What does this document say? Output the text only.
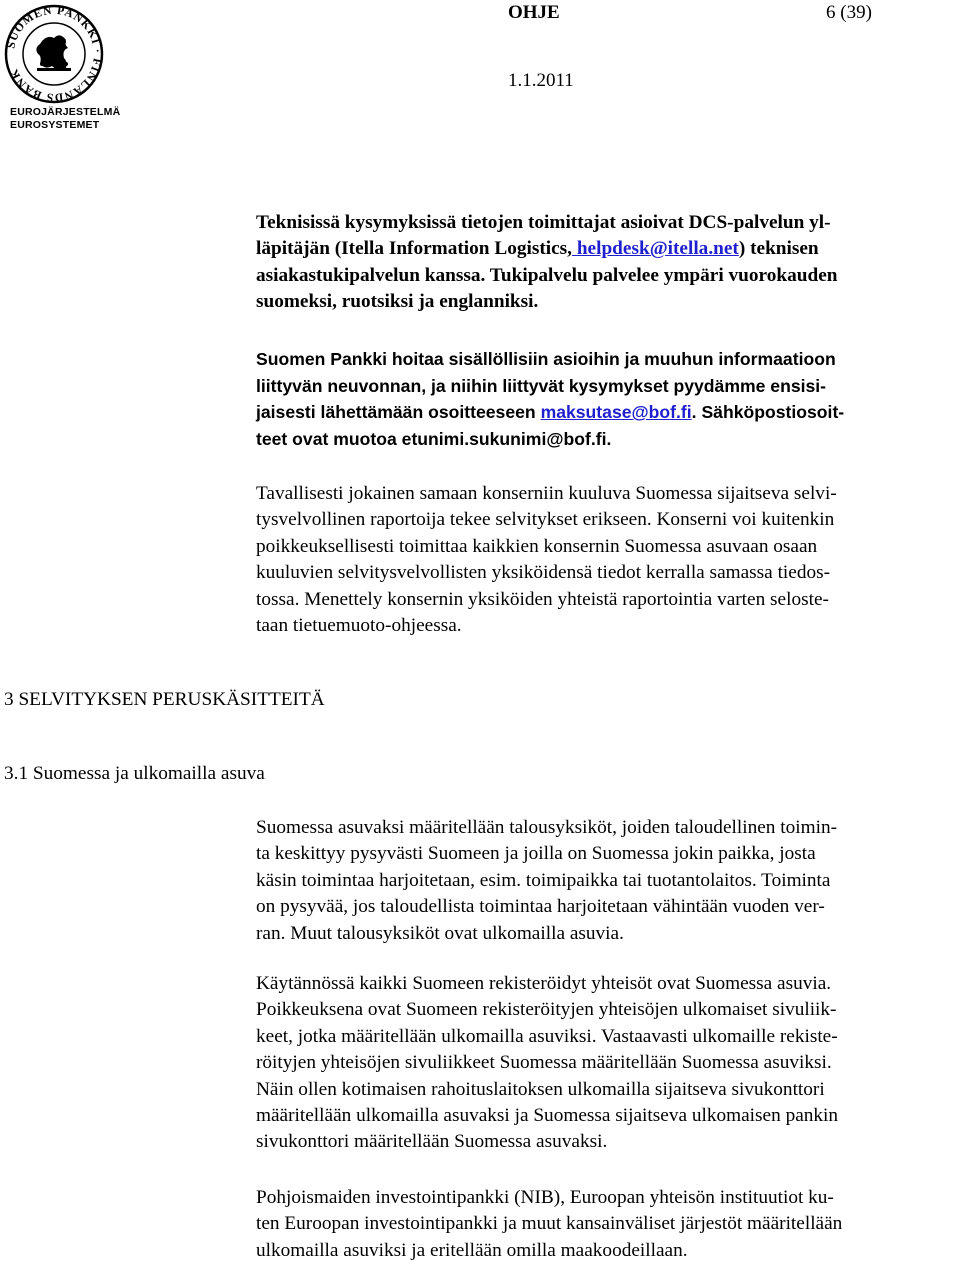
SUOMEN PANKKI · FINLANDS BANK
EUROJÄRJESTELMÄ
EUROSYSTEMET
OHJE	6 (39)
1.1.2011

Teknisissä kysymyksissä tietojen toimittajat asioivat DCS-palvelun yl-
läpitäjän (Itella Information Logistics, helpdesk@itella.net) teknisen
asiakastukipalvelun kanssa. Tukipalvelu palvelee ympäri vuorokauden
suomeksi, ruotsiksi ja englanniksi.

Suomen Pankki hoitaa sisällöllisiin asioihin ja muuhun informaatioon
liittyvän neuvonnan, ja niihin liittyvät kysymykset pyydämme ensisi-
jaisesti lähettämään osoitteeseen maksutase@bof.fi. Sähköpostiosoit-
teet ovat muotoa etunimi.sukunimi@bof.fi.

Tavallisesti jokainen samaan konserniin kuuluva Suomessa sijaitseva selvi-
tysvelvollinen raportoija tekee selvitykset erikseen. Konserni voi kuitenkin
poikkeuksellisesti toimittaa kaikkien konsernin Suomessa asuvaan osaan
kuuluvien selvitysvelvollisten yksiköidensä tiedot kerralla samassa tiedos-
tossa. Menettely konsernin yksiköiden yhteistä raportointia varten seloste-
taan tietuemuoto-ohjeessa.

3 SELVITYKSEN PERUSKÄSITTEITÄ
3.1 Suomessa ja ulkomailla asuva

Suomessa asuvaksi määritellään talousyksiköt, joiden taloudellinen toimin-
ta keskittyy pysyvästi Suomeen ja joilla on Suomessa jokin paikka, josta
käsin toimintaa harjoitetaan, esim. toimipaikka tai tuotantolaitos. Toiminta
on pysyvää, jos taloudellista toimintaa harjoitetaan vähintään vuoden ver-
ran. Muut talousyksiköt ovat ulkomailla asuvia.

Käytännössä kaikki Suomeen rekisteröidyt yhteisöt ovat Suomessa asuvia.
Poikkeuksena ovat Suomeen rekisteröityjen yhteisöjen ulkomaiset sivuliik-
keet, jotka määritellään ulkomailla asuviksi. Vastaavasti ulkomaille rekiste-
röityjen yhteisöjen sivuliikkeet Suomessa määritellään Suomessa asuviksi.
Näin ollen kotimaisen rahoituslaitoksen ulkomailla sijaitseva sivukonttori
määritellään ulkomailla asuvaksi ja Suomessa sijaitseva ulkomaisen pankin
sivukonttori määritellään Suomessa asuvaksi.

Pohjoismaiden investointipankki (NIB), Euroopan yhteisön instituutiot ku-
ten Euroopan investointipankki ja muut kansainväliset järjestöt määritellään
ulkomailla asuviksi ja eritellään omilla maakoodeillaan.
